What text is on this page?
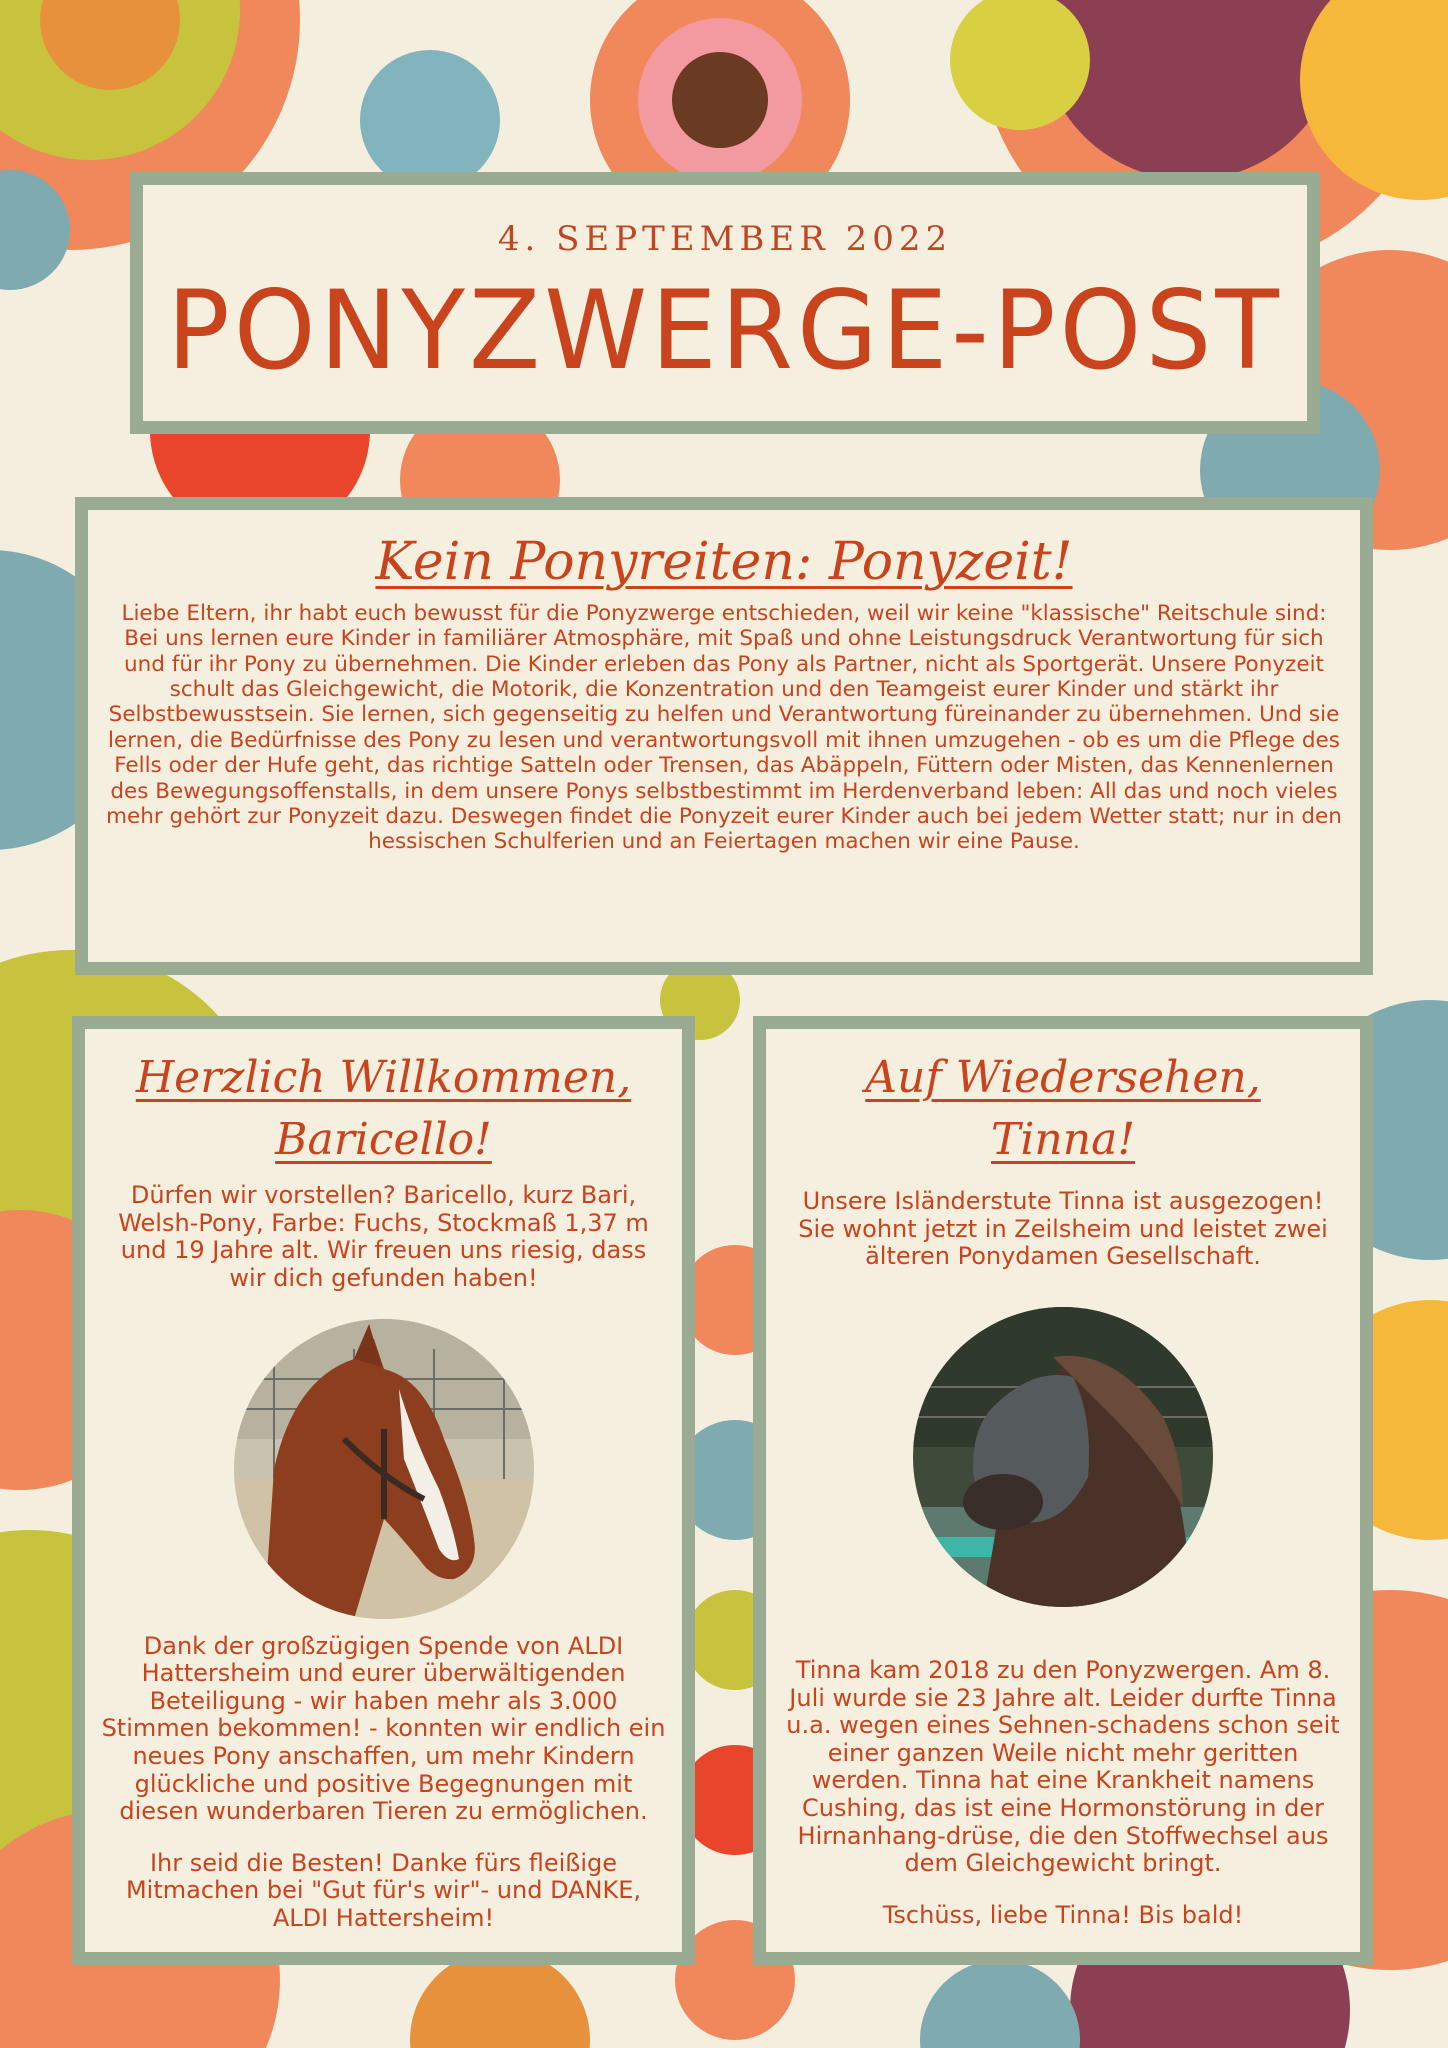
4. SEPTEMBER 2022
PONYZWERGE-POST
Kein Ponyreiten: Ponyzeit!
Liebe Eltern, ihr habt euch bewusst für die Ponyzwerge entschieden, weil wir keine "klassische" Reitschule sind: Bei uns lernen eure Kinder in familiärer Atmosphäre, mit Spaß und ohne Leistungsdruck Verantwortung für sich und für ihr Pony zu übernehmen. Die Kinder erleben das Pony als Partner, nicht als Sportgerät. Unsere Ponyzeit schult das Gleichgewicht, die Motorik, die Konzentration und den Teamgeist eurer Kinder und stärkt ihr Selbstbewusstsein. Sie lernen, sich gegenseitig zu helfen und Verantwortung füreinander zu übernehmen. Und sie lernen, die Bedürfnisse des Pony zu lesen und verantwortungsvoll mit ihnen umzugehen - ob es um die Pflege des Fells oder der Hufe geht, das richtige Satteln oder Trensen, das Abäppeln, Füttern oder Misten, das Kennenlernen des Bewegungsoffenstalls, in dem unsere Ponys selbstbestimmt im Herdenverband leben: All das und noch vieles mehr gehört zur Ponyzeit dazu. Deswegen findet die Ponyzeit eurer Kinder auch bei jedem Wetter statt; nur in den hessischen Schulferien und an Feiertagen machen wir eine Pause.
Herzlich Willkommen,
Baricello!
Dürfen wir vorstellen? Baricello, kurz Bari, Welsh-Pony, Farbe: Fuchs, Stockmaß 1,37 m und 19 Jahre alt. Wir freuen uns riesig, dass wir dich gefunden haben!
Dank der großzügigen Spende von ALDI Hattersheim und eurer überwältigenden Beteiligung - wir haben mehr als 3.000 Stimmen bekommen! - konnten wir endlich ein neues Pony anschaffen, um mehr Kindern glückliche und positive Begegnungen mit diesen wunderbaren Tieren zu ermöglichen.
Ihr seid die Besten! Danke fürs fleißige Mitmachen bei "Gut für's wir"- und DANKE, ALDI Hattersheim!
Auf Wiedersehen,
Tinna!
Unsere Isländerstute Tinna ist ausgezogen! Sie wohnt jetzt in Zeilsheim und leistet zwei älteren Ponydamen Gesellschaft.
Tinna kam 2018 zu den Ponyzwergen. Am 8. Juli wurde sie 23 Jahre alt. Leider durfte Tinna u.a. wegen eines Sehnen-schadens schon seit einer ganzen Weile nicht mehr geritten werden. Tinna hat eine Krankheit namens Cushing, das ist eine Hormonstörung in der Hirnanhang-drüse, die den Stoffwechsel aus dem Gleichgewicht bringt.
Tschüss, liebe Tinna! Bis bald!
